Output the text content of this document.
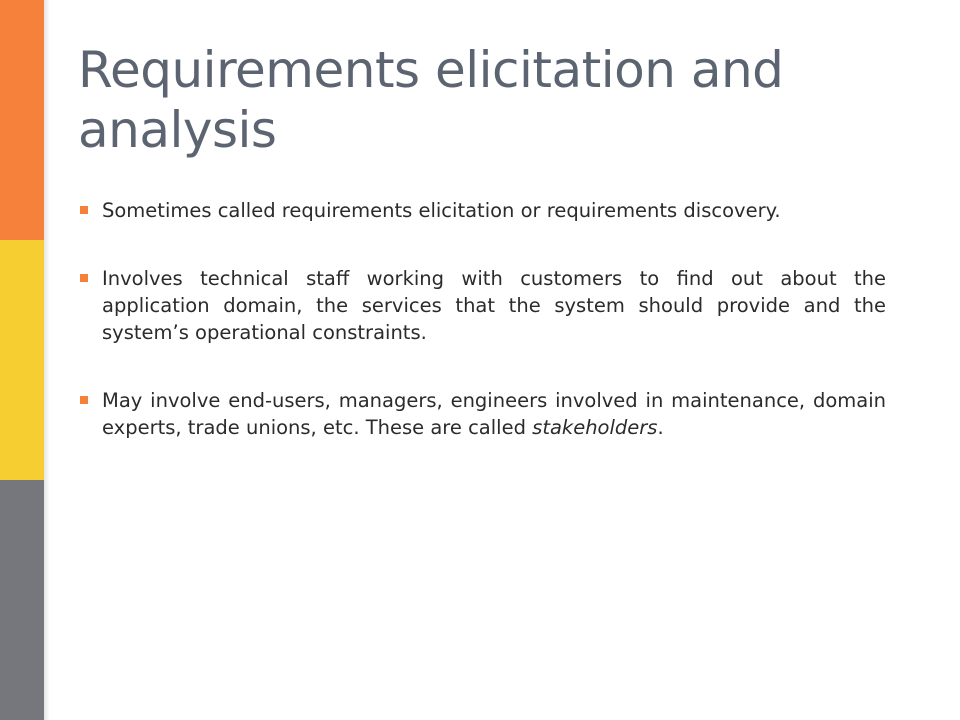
Requirements elicitation and analysis
Sometimes called requirements elicitation or requirements discovery.
Involves technical staff working with customers to find out about the application domain, the services that the system should provide and the system’s operational constraints.
May involve end-users, managers, engineers involved in maintenance, domain experts, trade unions, etc. These are called stakeholders.
